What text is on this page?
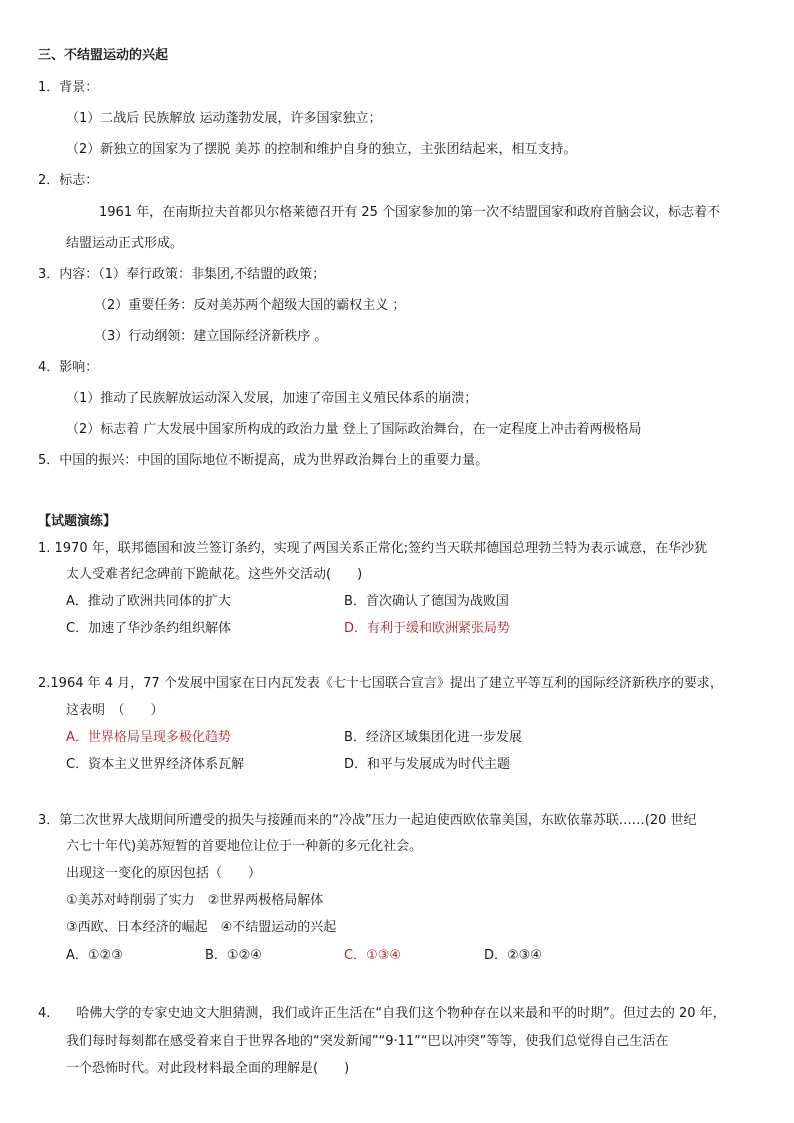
三、不结盟运动的兴起
1．背景：
（1）二战后 民族解放 运动蓬勃发展，许多国家独立；
（2）新独立的国家为了摆脱 美苏 的控制和维护自身的独立，主张团结起来，相互支持。
2．标志：
1961 年，在南斯拉夫首都贝尔格莱德召开有 25 个国家参加的第一次不结盟国家和政府首脑会议，标志着不
结盟运动正式形成。
3．内容：（1）奉行政策：非集团,不结盟的政策；
（2）重要任务：反对美苏两个超级大国的霸权主义 ；
（3）行动纲领：建立国际经济新秩序 。
4．影响：
（1）推动了民族解放运动深入发展，加速了帝国主义殖民体系的崩溃；
（2）标志着 广大发展中国家所构成的政治力量 登上了国际政治舞台，在一定程度上冲击着两极格局
5．中国的振兴：中国的国际地位不断提高，成为世界政治舞台上的重要力量。
【试题演练】
1. 1970 年，联邦德国和波兰签订条约，实现了两国关系正常化;签约当天联邦德国总理勃兰特为表示诚意，在华沙犹
太人受难者纪念碑前下跪献花。这些外交活动(　　)
A．推动了欧洲共同体的扩大	B．首次确认了德国为战败国
C．加速了华沙条约组织解体	D．有利于缓和欧洲紧张局势
2.1964 年 4 月，77 个发展中国家在日内瓦发表《七十七国联合宣言》提出了建立平等互利的国际经济新秩序的要求，
这表明　（　　）
A．世界格局呈现多极化趋势	B．经济区域集团化进一步发展
C．资本主义世界经济体系瓦解	D．和平与发展成为时代主题
3．第二次世界大战期间所遭受的损失与接踵而来的“冷战”压力一起迫使西欧依靠美国，东欧依靠苏联……(20 世纪
六七十年代)美苏短暂的首要地位让位于一种新的多元化社会。
出现这一变化的原因包括（　　）
①美苏对峙削弱了实力　②世界两极格局解体
③西欧、日本经济的崛起　④不结盟运动的兴起
A．①②③	B．①②④	C．①③④	D．②③④
4.　　哈佛大学的专家史迪文大胆猜测，我们或许正生活在“自我们这个物种存在以来最和平的时期”。但过去的 20 年，
我们每时每刻都在感受着来自于世界各地的“突发新闻”“9·11”“巴以冲突”等等，使我们总觉得自己生活在
一个恐怖时代。对此段材料最全面的理解是(　　)
